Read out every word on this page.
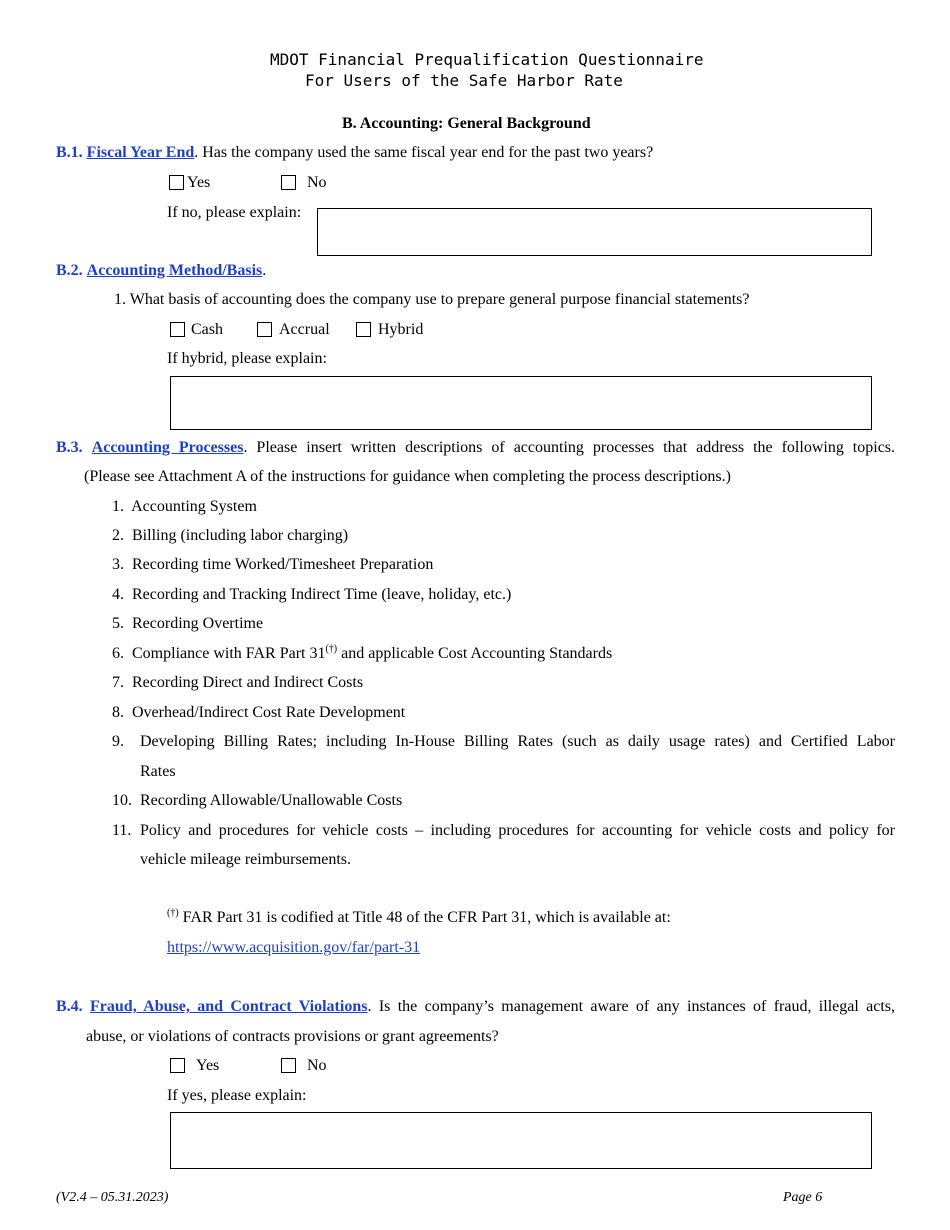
MDOT Financial Prequalification Questionnaire
For Users of the Safe Harbor Rate
B. Accounting: General Background
B.1. Fiscal Year End. Has the company used the same fiscal year end for the past two years?
Yes	No
If no, please explain:
B.2. Accounting Method/Basis.
1. What basis of accounting does the company use to prepare general purpose financial statements?
Cash	Accrual	Hybrid
If hybrid, please explain:
B.3. Accounting Processes. Please insert written descriptions of accounting processes that address the following topics.
(Please see Attachment A of the instructions for guidance when completing the process descriptions.)
1. Accounting System
2. Billing (including labor charging)
3. Recording time Worked/Timesheet Preparation
4. Recording and Tracking Indirect Time (leave, holiday, etc.)
5. Recording Overtime
6. Compliance with FAR Part 31(†) and applicable Cost Accounting Standards
7. Recording Direct and Indirect Costs
8. Overhead/Indirect Cost Rate Development
9. Developing Billing Rates; including In-House Billing Rates (such as daily usage rates) and Certified Labor
Rates
10. Recording Allowable/Unallowable Costs
11. Policy and procedures for vehicle costs – including procedures for accounting for vehicle costs and policy for
vehicle mileage reimbursements.
(†) FAR Part 31 is codified at Title 48 of the CFR Part 31, which is available at:
https://www.acquisition.gov/far/part-31
B.4. Fraud, Abuse, and Contract Violations. Is the company’s management aware of any instances of fraud, illegal acts,
abuse, or violations of contracts provisions or grant agreements?
Yes	No
If yes, please explain:
(V2.4 – 05.31.2023)	Page 6
